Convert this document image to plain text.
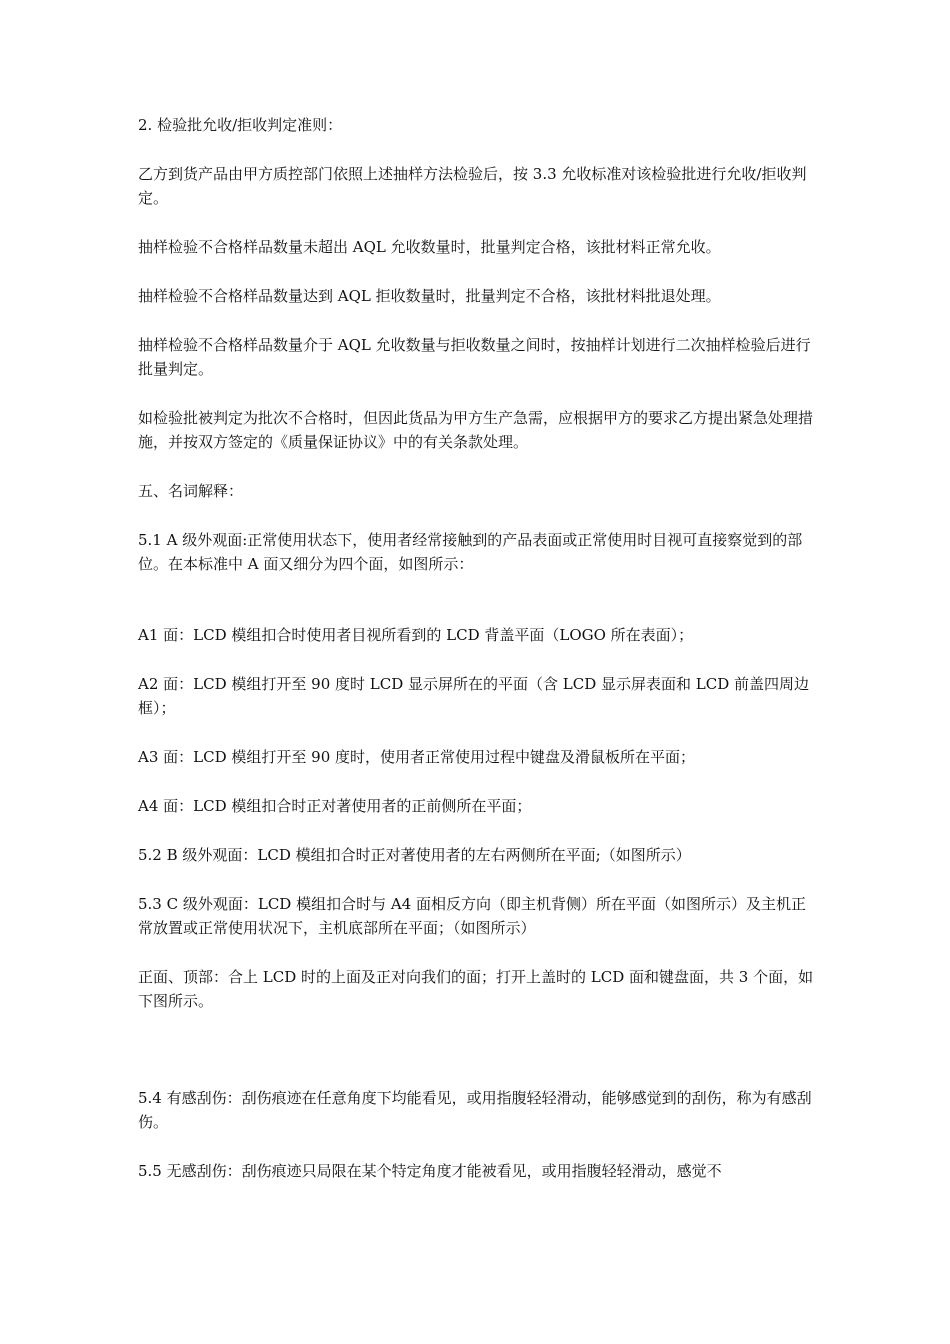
2. 检验批允收/拒收判定准则：

乙方到货产品由甲方质控部门依照上述抽样方法检验后，按 3.3 允收标准对该检验批进行允收/拒收判定。

抽样检验不合格样品数量未超出 AQL 允收数量时，批量判定合格，该批材料正常允收。

抽样检验不合格样品数量达到 AQL 拒收数量时，批量判定不合格，该批材料批退处理。

抽样检验不合格样品数量介于 AQL 允收数量与拒收数量之间时，按抽样计划进行二次抽样检验后进行批量判定。

如检验批被判定为批次不合格时，但因此货品为甲方生产急需，应根据甲方的要求乙方提出紧急处理措施，并按双方签定的《质量保证协议》中的有关条款处理。

五、名词解释：

5.1 A 级外观面:正常使用状态下，使用者经常接触到的产品表面或正常使用时目视可直接察觉到的部位。在本标准中 A 面又细分为四个面，如图所示：

A1 面：LCD 模组扣合时使用者目视所看到的 LCD 背盖平面（LOGO 所在表面）；

A2 面：LCD 模组打开至 90 度时 LCD 显示屏所在的平面（含 LCD 显示屏表面和 LCD 前盖四周边框）；

A3 面：LCD 模组打开至 90 度时，使用者正常使用过程中键盘及滑鼠板所在平面；

A4 面：LCD 模组扣合时正对著使用者的正前侧所在平面；

5.2 B 级外观面：LCD 模组扣合时正对著使用者的左右两侧所在平面;（如图所示）

5.3 C 级外观面：LCD 模组扣合时与 A4 面相反方向（即主机背侧）所在平面（如图所示）及主机正常放置或正常使用状况下，主机底部所在平面；（如图所示）

正面、顶部：合上 LCD 时的上面及正对向我们的面；打开上盖时的 LCD 面和键盘面，共 3 个面，如下图所示。

5.4 有感刮伤：刮伤痕迹在任意角度下均能看见，或用指腹轻轻滑动，能够感觉到的刮伤，称为有感刮伤。

5.5 无感刮伤：刮伤痕迹只局限在某个特定角度才能被看见，或用指腹轻轻滑动，感觉不
